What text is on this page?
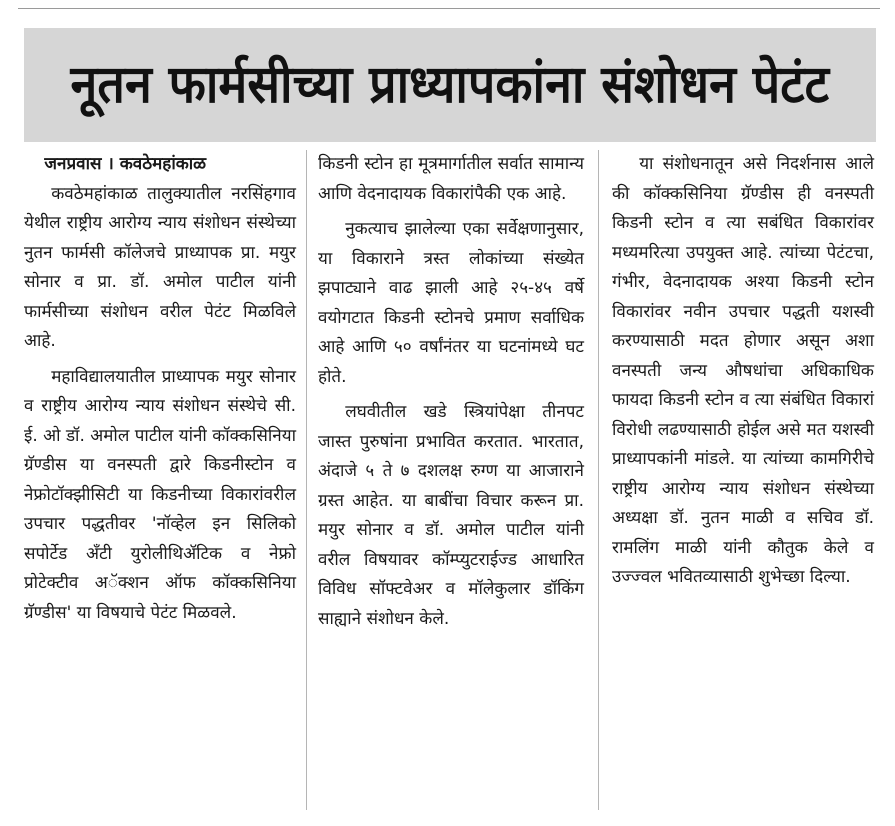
नूतन फार्मसीच्या प्राध्यापकांना संशोधन पेटंट
जनप्रवास । कवठेमहांकाळ

कवठेमहांकाळ तालुक्यातील नरसिंहगाव येथील राष्ट्रीय आरोग्य न्याय संशोधन संस्थेच्या नुतन फार्मसी कॉलेजचे प्राध्यापक प्रा. मयुर सोनार व प्रा. डॉ. अमोल पाटील यांनी फार्मसीच्या संशोधन वरील पेटंट मिळविले आहे.

महाविद्यालयातील प्राध्यापक मयुर सोनार व राष्ट्रीय आरोग्य न्याय संशोधन संस्थेचे सी. ई. ओ डॉ. अमोल पाटील यांनी कॉक्कसिनिया ग्रॅण्डीस या वनस्पती द्वारे किडनीस्टोन व नेफ्रोटॉक्झीसिटी या किडनीच्या विकारांवरील उपचार पद्धतीवर 'नॉव्हेल इन सिलिको सपोर्टेड अँटी युरोलीथिॲटिक व नेफ्रो प्रोटेक्टीव अॅक्शन ऑफ कॉक्कसिनिया ग्रॅण्डीस' या विषयाचे पेटंट मिळवले.

किडनी स्टोन हा मूत्रमार्गातील सर्वात सामान्य आणि वेदनादायक विकारांपैकी एक आहे.

नुकत्याच झालेल्या एका सर्वेक्षणानुसार, या विकाराने त्रस्त लोकांच्या संख्येत झपाट्याने वाढ झाली आहे २५-४५ वर्षे वयोगटात किडनी स्टोनचे प्रमाण सर्वाधिक आहे आणि ५० वर्षांनंतर या घटनांमध्ये घट होते.

लघवीतील खडे स्त्रियांपेक्षा तीनपट जास्त पुरुषांना प्रभावित करतात. भारतात, अंदाजे ५ ते ७ दशलक्ष रुग्ण या आजाराने ग्रस्त आहेत. या बाबींचा विचार करून प्रा. मयुर सोनार व डॉ. अमोल पाटील यांनी वरील विषयावर कॉम्प्युटराईज्ड आधारित विविध सॉफ्टवेअर व मॉलेकुलार डॉकिंग साह्याने संशोधन केले.

या संशोधनातून असे निदर्शनास आले की कॉक्कसिनिया ग्रॅण्डीस ही वनस्पती किडनी स्टोन व त्या सबंधित विकारांवर मध्यमरित्या उपयुक्त आहे. त्यांच्या पेटंटचा, गंभीर, वेदनादायक अश्या किडनी स्टोन विकारांवर नवीन उपचार पद्धती यशस्वी करण्यासाठी मदत होणार असून अशा वनस्पती जन्य औषधांचा अधिकाधिक फायदा किडनी स्टोन व त्या संबंधित विकारां विरोधी लढण्यासाठी होईल असे मत यशस्वी प्राध्यापकांनी मांडले. या त्यांच्या कामगिरीचे राष्ट्रीय आरोग्य न्याय संशोधन संस्थेच्या अध्यक्षा डॉ. नुतन माळी व सचिव डॉ. रामलिंग माळी यांनी कौतुक केले व उज्ज्वल भवितव्यासाठी शुभेच्छा दिल्या.
